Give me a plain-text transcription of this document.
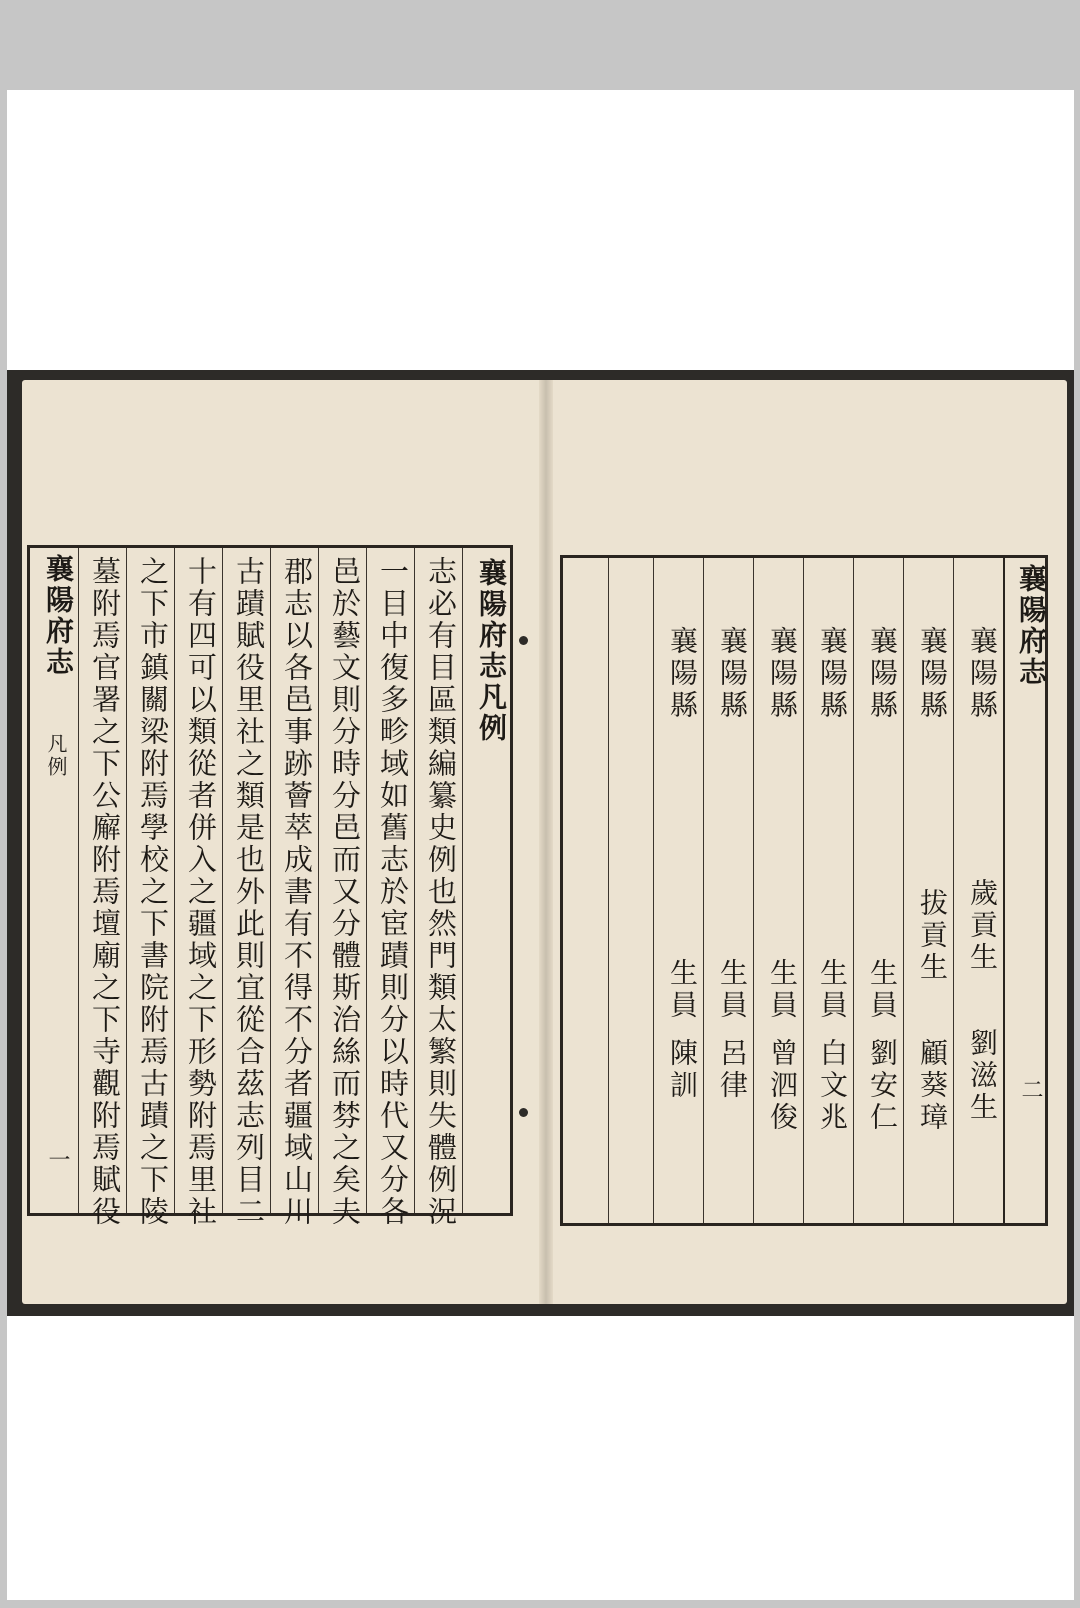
襄陽府志凡例
志必有目區類編纂史例也然門類太繁則失體例況
一目中復多畛域如舊志於宦蹟則分以時代又分各
邑於藝文則分時分邑而又分體斯治絲而棼之矣夫
郡志以各邑事跡薈萃成書有不得不分者疆域山川
古蹟賦役里社之類是也外此則宜從合茲志列目二
十有四可以類從者併入之疆域之下形勢附焉里社
之下市鎮關梁附焉學校之下書院附焉古蹟之下陵
墓附焉官署之下公廨附焉壇廟之下寺觀附焉賦役
襄陽府志
凡例
一
襄陽府志
二
襄陽縣
歲貢生
劉滋生
襄陽縣
拔貢生
顧葵璋
襄陽縣
生員
劉安仁
襄陽縣
生員
白文兆
襄陽縣
生員
曾泗俊
襄陽縣
生員
呂律
襄陽縣
生員
陳訓
